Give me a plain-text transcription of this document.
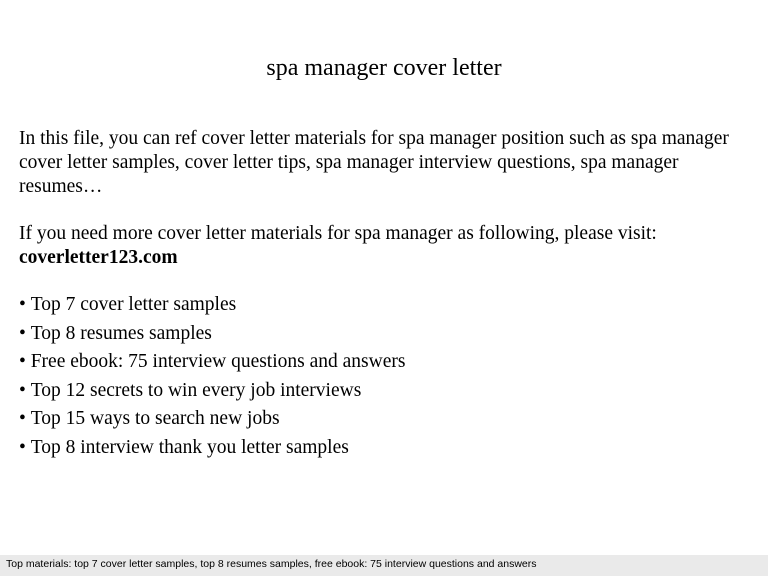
spa manager cover letter

In this file, you can ref cover letter materials for spa manager position such as spa manager cover letter samples, cover letter tips, spa manager interview questions, spa manager resumes…

If you need more cover letter materials for spa manager as following, please visit:
coverletter123.com

• Top 7 cover letter samples
• Top 8 resumes samples
• Free ebook: 75 interview questions and answers
• Top 12 secrets to win every job interviews
• Top 15 ways to search new jobs
• Top 8 interview thank you letter samples
Top materials: top 7 cover letter samples, top 8 resumes samples, free ebook: 75 interview questions and answers
